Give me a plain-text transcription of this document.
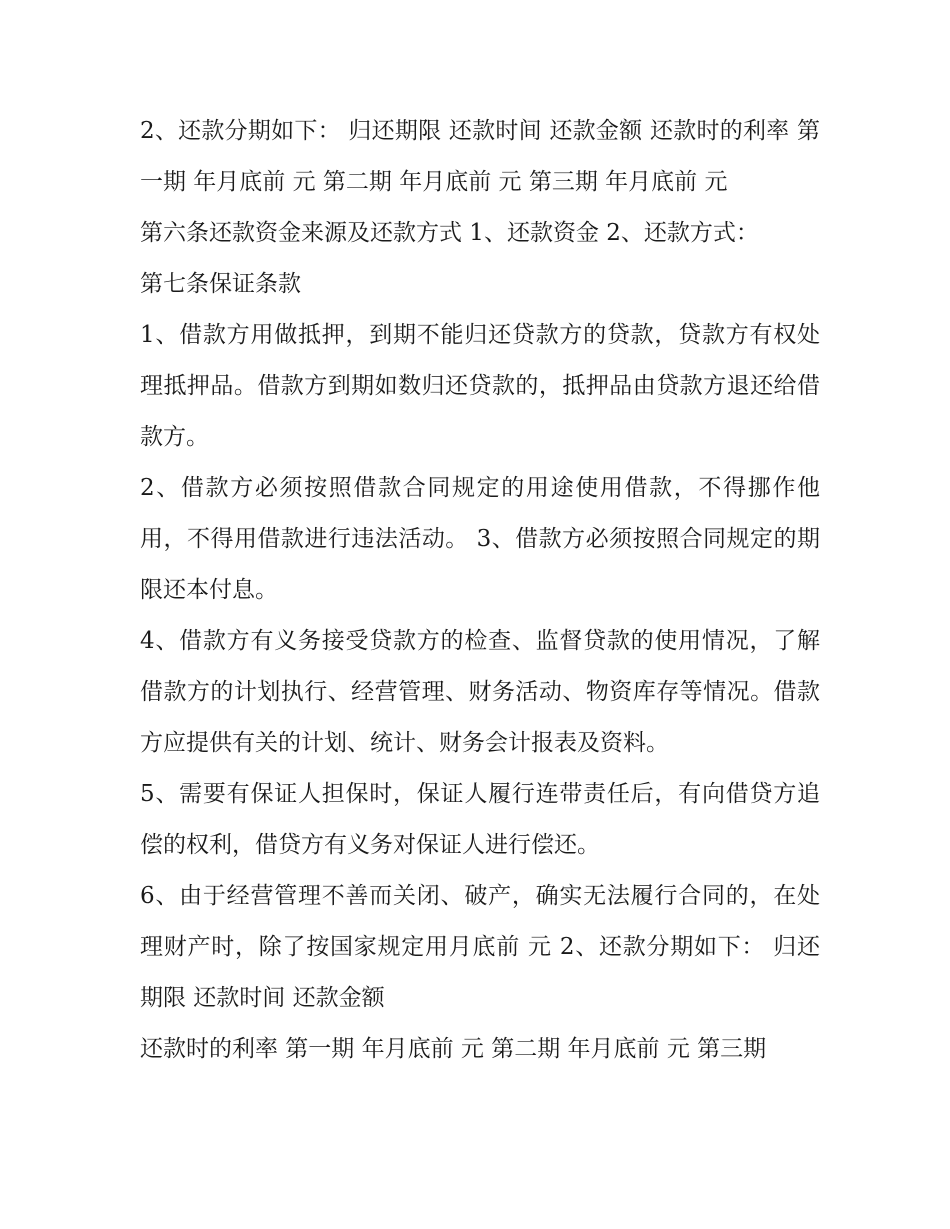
2、还款分期如下： 归还期限 还款时间 还款金额 还款时的利率 第一期 年月底前 元 第二期 年月底前 元 第三期 年月底前 元

第六条还款资金来源及还款方式 1、还款资金 2、还款方式：

第七条保证条款

1、借款方用做抵押，到期不能归还贷款方的贷款，贷款方有权处理抵押品。借款方到期如数归还贷款的，抵押品由贷款方退还给借款方。

2、借款方必须按照借款合同规定的用途使用借款，不得挪作他用，不得用借款进行违法活动。 3、借款方必须按照合同规定的期限还本付息。

4、借款方有义务接受贷款方的检查、监督贷款的使用情况，了解借款方的计划执行、经营管理、财务活动、物资库存等情况。借款方应提供有关的计划、统计、财务会计报表及资料。

5、需要有保证人担保时，保证人履行连带责任后，有向借贷方追偿的权利，借贷方有义务对保证人进行偿还。

6、由于经营管理不善而关闭、破产，确实无法履行合同的，在处理财产时，除了按国家规定用月底前 元 2、还款分期如下： 归还期限 还款时间 还款金额

还款时的利率 第一期 年月底前 元 第二期 年月底前 元 第三期
